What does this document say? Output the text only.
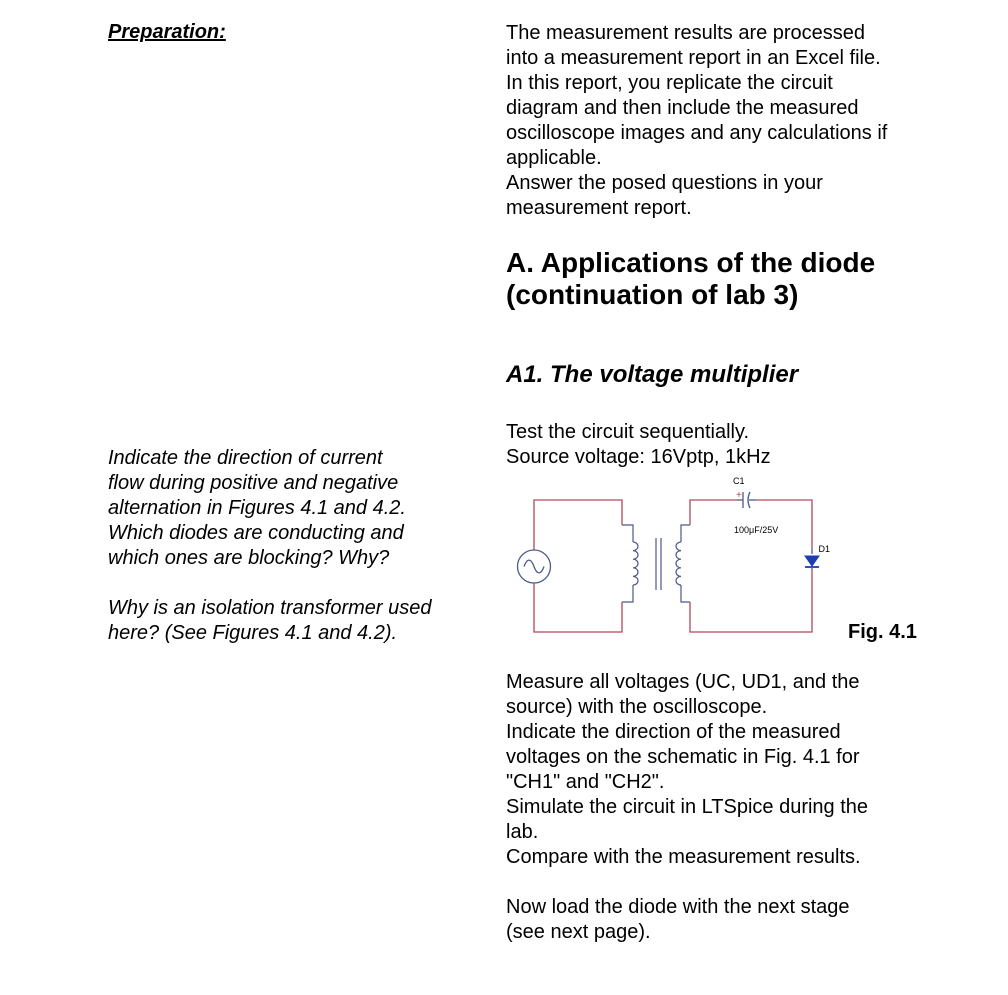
Preparation:

Indicate the direction of current

flow during positive and negative

alternation in Figures 4.1 and 4.2.

Which diodes are conducting and

which ones are blocking? Why?

Why is an isolation transformer used

here? (See Figures 4.1 and 4.2).

The measurement results are processed

into a measurement report in an Excel file.

In this report, you replicate the circuit

diagram and then include the measured

oscilloscope images and any calculations if

applicable.

Answer the posed questions in your

measurement report.

A. Applications of the diode
(continuation of lab 3)
A1. The voltage multiplier

Test the circuit sequentially.

Source voltage: 16Vptp, 1kHz

C1
+
100μF/25V
D1
Fig. 4.1

Measure all voltages (UC, UD1, and the

source) with the oscilloscope.

Indicate the direction of the measured

voltages on the schematic in Fig. 4.1 for

"CH1" and "CH2".

Simulate the circuit in LTSpice during the

lab.

Compare with the measurement results.

Now load the diode with the next stage

(see next page).
